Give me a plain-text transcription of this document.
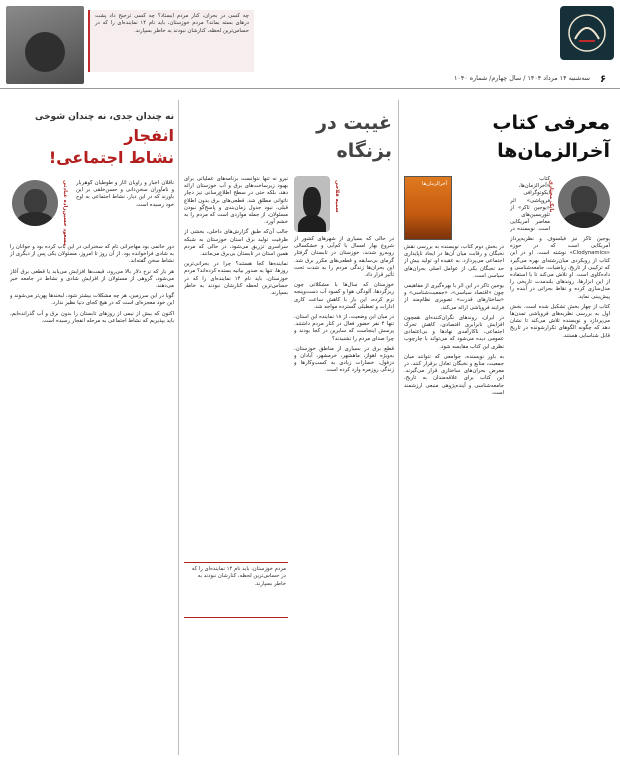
۶
سه‌شنبه ۱۴ مرداد ۱۴۰۴ / سال چهارم/ شماره ۱۰۴۰
چه کسی در بحران، کنار مردم ایستاد؟ چه کسی ترجیح داد پشت درهای بسته بماند؟ مردم خوزستان، باید نام ۱۴ نماینده‌ای را که در حساس‌ترین لحظه، کنارشان نبودند به خاطر بسپارند.
معرفی کتاب
آخرالزمان‌ها
بابک مختاری
آخرالزمان‌ها

کتاب «آخرالزمان‌ها، ایکونوگرافی فروپاشی» اثر «یوجین ثاکر» از تئوریسین‌های معاصر آمریکایی است. نویسنده در

یوجین تاکر نیز فیلسوف و نظریه‌پرداز آمریکایی است که در حوزه «Clodynamics» نوشته است. او در این کتاب از رویکردی میان‌رشته‌ای بهره می‌گیرد که ترکیبی از تاریخ، ریاضیات، جامعه‌شناسی و داده‌کاوی است. او تلاش می‌کند تا با استفاده از این ابزارها، روندهای بلندمدت تاریخی را مدل‌سازی کرده و نقاط بحرانی در آینده را پیش‌بینی نماید.

کتاب از چهار بخش تشکیل شده است. بخش اول به بررسی نظریه‌های فروپاشی تمدن‌ها می‌پردازد و نویسنده تلاش می‌کند تا نشان دهد که چگونه الگوهای تکرارشونده در تاریخ قابل شناسایی هستند.

در بخش دوم کتاب، نویسنده به بررسی نقش نخبگان و رقابت میان آن‌ها در ایجاد ناپایداری اجتماعی می‌پردازد. به عقیده او، تولید بیش از حد نخبگان یکی از عوامل اصلی بحران‌های سیاسی است.

یوجین تاکر در این اثر با بهره‌گیری از مفاهیمی چون «اقتصاد سیاسی»، «جمعیت‌شناسی» و «ساختارهای قدرت» تصویری نظام‌مند از فرایند فروپاشی ارائه می‌کند.

در ایران، روندهای نگران‌کننده‌ای همچون افزایش نابرابری اقتصادی، کاهش تحرک اجتماعی، ناکارآمدی نهادها و بی‌اعتمادی عمومی دیده می‌شود که می‌تواند با چارچوب نظری این کتاب مقایسه شود.

به باور نویسنده، جوامعی که نتوانند میان جمعیت، منابع و نخبگان تعادل برقرار کنند، در معرض بحران‌های ساختاری قرار می‌گیرند. این کتاب برای علاقه‌مندان به تاریخ، جامعه‌شناسی و آینده‌پژوهی منبعی ارزشمند است.

غیبت در
بزنگاه
سمیه فلاحی

در حالی که بسیاری از شهرهای کشور از شروع بهار امسال با کم‌آبی و خشکسالی روبه‌رو شدند، خوزستان در تابستان گرفتار گرمای بی‌سابقه و قطعی‌های مکرر برق شد. این بحران‌ها زندگی مردم را به شدت تحت تأثیر قرار داد.

خوزستان که سال‌ها با مشکلاتی چون ریزگردها، آلودگی هوا و کمبود آب دست‌وپنجه نرم کرده، این بار با کاهش ساعت کاری ادارات و تعطیلی گسترده مواجه شد.

در میان این وضعیت، از ۱۸ نماینده این استان، تنها ۴ نفر حضور فعال در کنار مردم داشتند. پرسش اینجاست که سایرین در کجا بودند و چرا صدای مردم را نشنیدند؟

قطع برق در بسیاری از مناطق خوزستان، به‌ویژه اهواز، ماهشهر، خرمشهر، آبادان و دزفول، خسارات زیادی به کسب‌وکارها و زندگی روزمره وارد کرده است.

نیرو نه تنها نتوانست برنامه‌های عملیاتی برای بهبود زیرساخت‌های برق و آب خوزستان ارائه دهد، بلکه حتی در سطح اطلاع‌رسانی نیز دچار ناتوانی مطلق شد. قطعی‌های برق بدون اطلاع قبلی، نبود جدول زمان‌بندی و پاسخ‌گو نبودن مسئولان، از جمله مواردی است که مردم را به خشم آورد.

جالب آن‌که طبق گزارش‌های داخلی، بخشی از ظرفیت تولید برق استان خوزستان به شبکه سراسری تزریق می‌شود، در حالی که مردم همین استان در تابستان بی‌برق می‌مانند.

نماینده‌ها کجا هستند؟ چرا در بحرانی‌ترین روزها، تنها به صدور بیانیه بسنده کرده‌اند؟ مردم خوزستان، باید نام ۱۴ نماینده‌ای را که در حساس‌ترین لحظه کنارشان نبودند به خاطر بسپارند.

مردم خوزستان، باید نام ۱۴ نماینده‌ای را که در حساس‌ترین لحظه، کنارشان نبودند به خاطر بسپارند.
نه چندان جدی، نه چندان شوخی
انفجار
نشاط اجتماعی!
مسعود حسین‌زاده عبادتی ناقلان اخبار و راویان آثار و طوطیان گوهربار و نامآوران سخن‌دانی و حسن‌خلقی بر این باورند که در این دیار، نشاط اجتماعی به اوج خود رسیده است.

دور خاتمی بود مهاجرانی نام که سخنرانی در این باب کرده بود و جوانان را به شادی فراخوانده بود. از آن روز تا امروز، مسئولان یکی پس از دیگری از نشاط سخن گفته‌اند.

هر بار که نرخ دلار بالا می‌رود، قیمت‌ها افزایش می‌یابد یا قطعی برق آغاز می‌شود، گروهی از مسئولان از افزایش شادی و نشاط در جامعه خبر می‌دهند.

گویا در این سرزمین، هر چه مشکلات بیشتر شود، لبخندها پهن‌تر می‌شوند و این خود معجزه‌ای است که در هیچ کجای دنیا نظیر ندارد.

اکنون که بیش از نیمی از روزهای تابستان را بدون برق و آب گذرانده‌ایم، باید بپذیریم که نشاط اجتماعی به مرحله انفجار رسیده است.
